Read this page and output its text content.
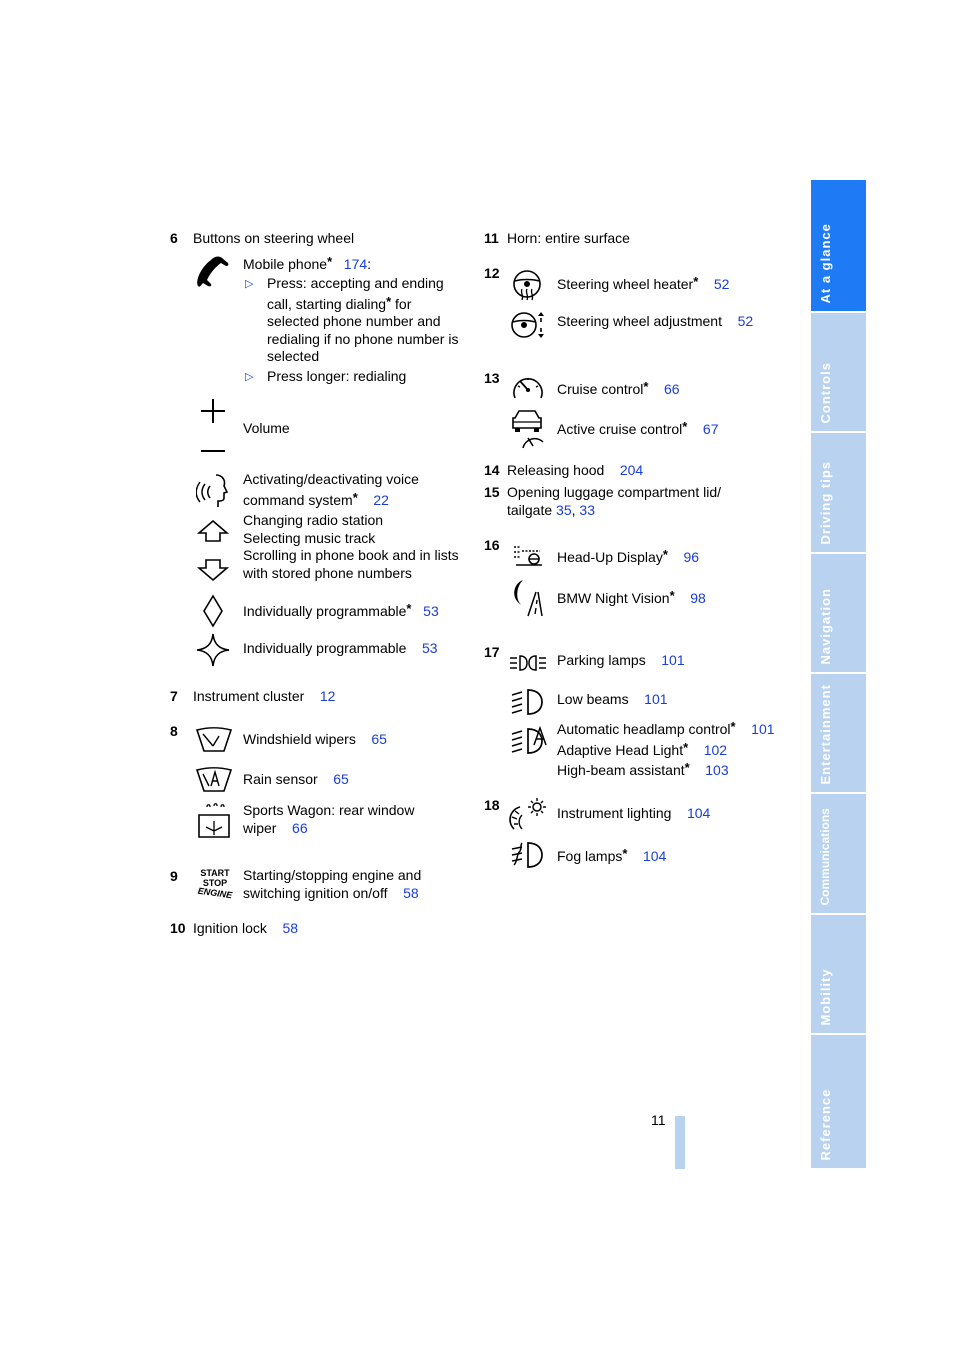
6 Buttons on steering wheel
Mobile phone* 174:
▷ Press: accepting and ending
call, starting dialing* for
selected phone number and
redialing if no phone number is
selected
▷ Press longer: redialing
Volume
Activating/deactivating voice
command system* 22
Changing radio station
Selecting music track
Scrolling in phone book and in lists
with stored phone numbers
Individually programmable* 53
Individually programmable 53
7 Instrument cluster 12
8	Windshield wipers 65
Rain sensor 65
Sports Wagon: rear window
wiper 66
9	START
STOP
ENGINE
Starting/stopping engine and
switching ignition on/off 58
10 Ignition lock 58
11 Horn: entire surface
12
Steering wheel heater* 52
Steering wheel adjustment 52
13
Cruise control* 66
Active cruise control* 67
14 Releasing hood 204
15 Opening luggage compartment lid/
tailgate 35, 33
16
Head-Up Display* 96
BMW Night Vision* 98
17	Parking lamps 101
Low beams 101
Automatic headlamp control* 101
Adaptive Head Light* 102
High-beam assistant* 103
18	Instrument lighting 104
Fog lamps* 104
11
At a glance
Controls
Driving tips
Navigation
Entertainment
Communications
Mobility
Reference
